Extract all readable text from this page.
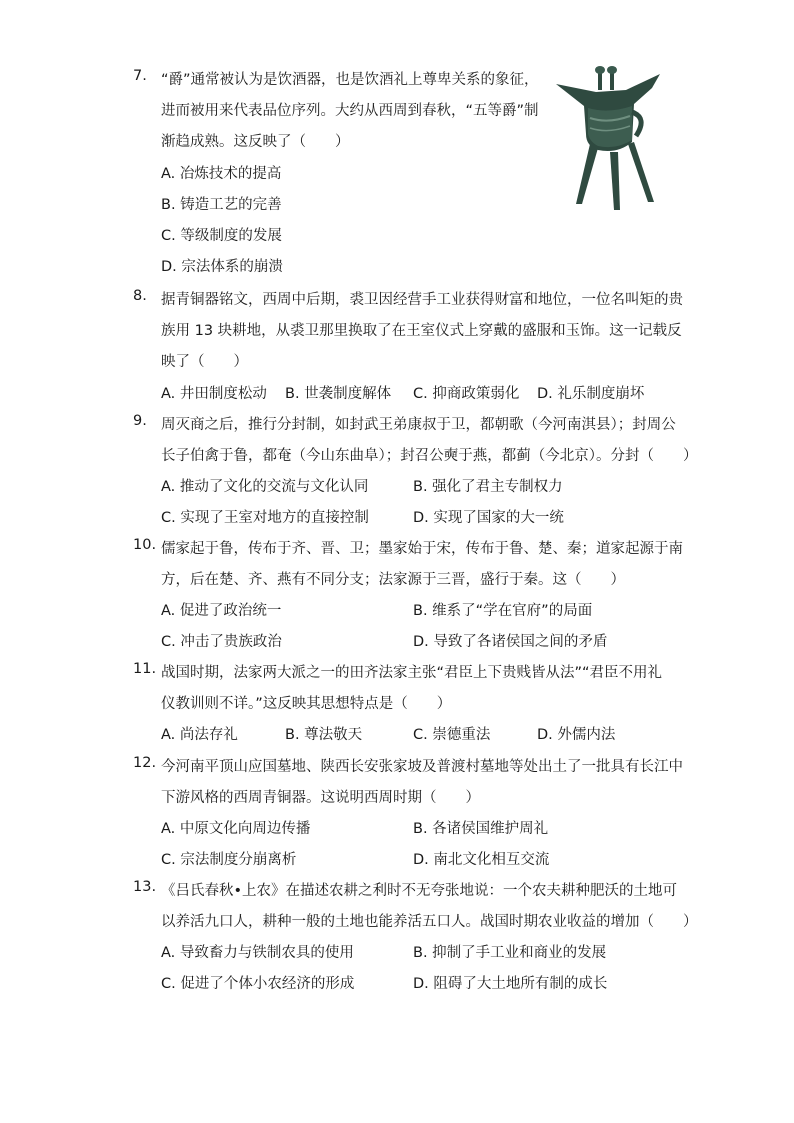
7. “爵”通常被认为是饮酒器，也是饮酒礼上尊卑关系的象征，
进而被用来代表品位序列。大约从西周到春秋，“五等爵”制
渐趋成熟。这反映了（　　）
A. 冶炼技术的提高
B. 铸造工艺的完善
C. 等级制度的发展
D. 宗法体系的崩溃
8. 据青铜器铭文，西周中后期，裘卫因经营手工业获得财富和地位，一位名叫矩的贵
族用 13 块耕地，从裘卫那里换取了在王室仪式上穿戴的盛服和玉饰。这一记载反
映了（　　）
A. 井田制度松动 B. 世袭制度解体 C. 抑商政策弱化 D. 礼乐制度崩坏
9. 周灭商之后，推行分封制，如封武王弟康叔于卫，都朝歌（今河南淇县）；封周公
长子伯禽于鲁，都奄（今山东曲阜）；封召公奭于燕，都蓟（今北京）。分封（　　）
A. 推动了文化的交流与文化认同	B. 强化了君主专制权力
C. 实现了王室对地方的直接控制	D. 实现了国家的大一统
10. 儒家起于鲁，传布于齐、晋、卫；墨家始于宋，传布于鲁、楚、秦；道家起源于南
方，后在楚、齐、燕有不同分支；法家源于三晋，盛行于秦。这（　　）
A. 促进了政治统一	B. 维系了“学在官府”的局面
C. 冲击了贵族政治	D. 导致了各诸侯国之间的矛盾
11. 战国时期，法家两大派之一的田齐法家主张“君臣上下贵贱皆从法”“君臣不用礼
仪教训则不详。”这反映其思想特点是（　　）
A. 尚法存礼	B. 尊法敬天	C. 崇德重法	D. 外儒内法
12. 今河南平顶山应国墓地、陕西长安张家坡及普渡村墓地等处出土了一批具有长江中
下游风格的西周青铜器。这说明西周时期（　　）
A. 中原文化向周边传播	B. 各诸侯国维护周礼
C. 宗法制度分崩离析	D. 南北文化相互交流
13. 《吕氏春秋•上农》在描述农耕之利时不无夸张地说：一个农夫耕种肥沃的土地可
以养活九口人，耕种一般的土地也能养活五口人。战国时期农业收益的增加（　　）
A. 导致畜力与铁制农具的使用	B. 抑制了手工业和商业的发展
C. 促进了个体小农经济的形成	D. 阻碍了大土地所有制的成长
